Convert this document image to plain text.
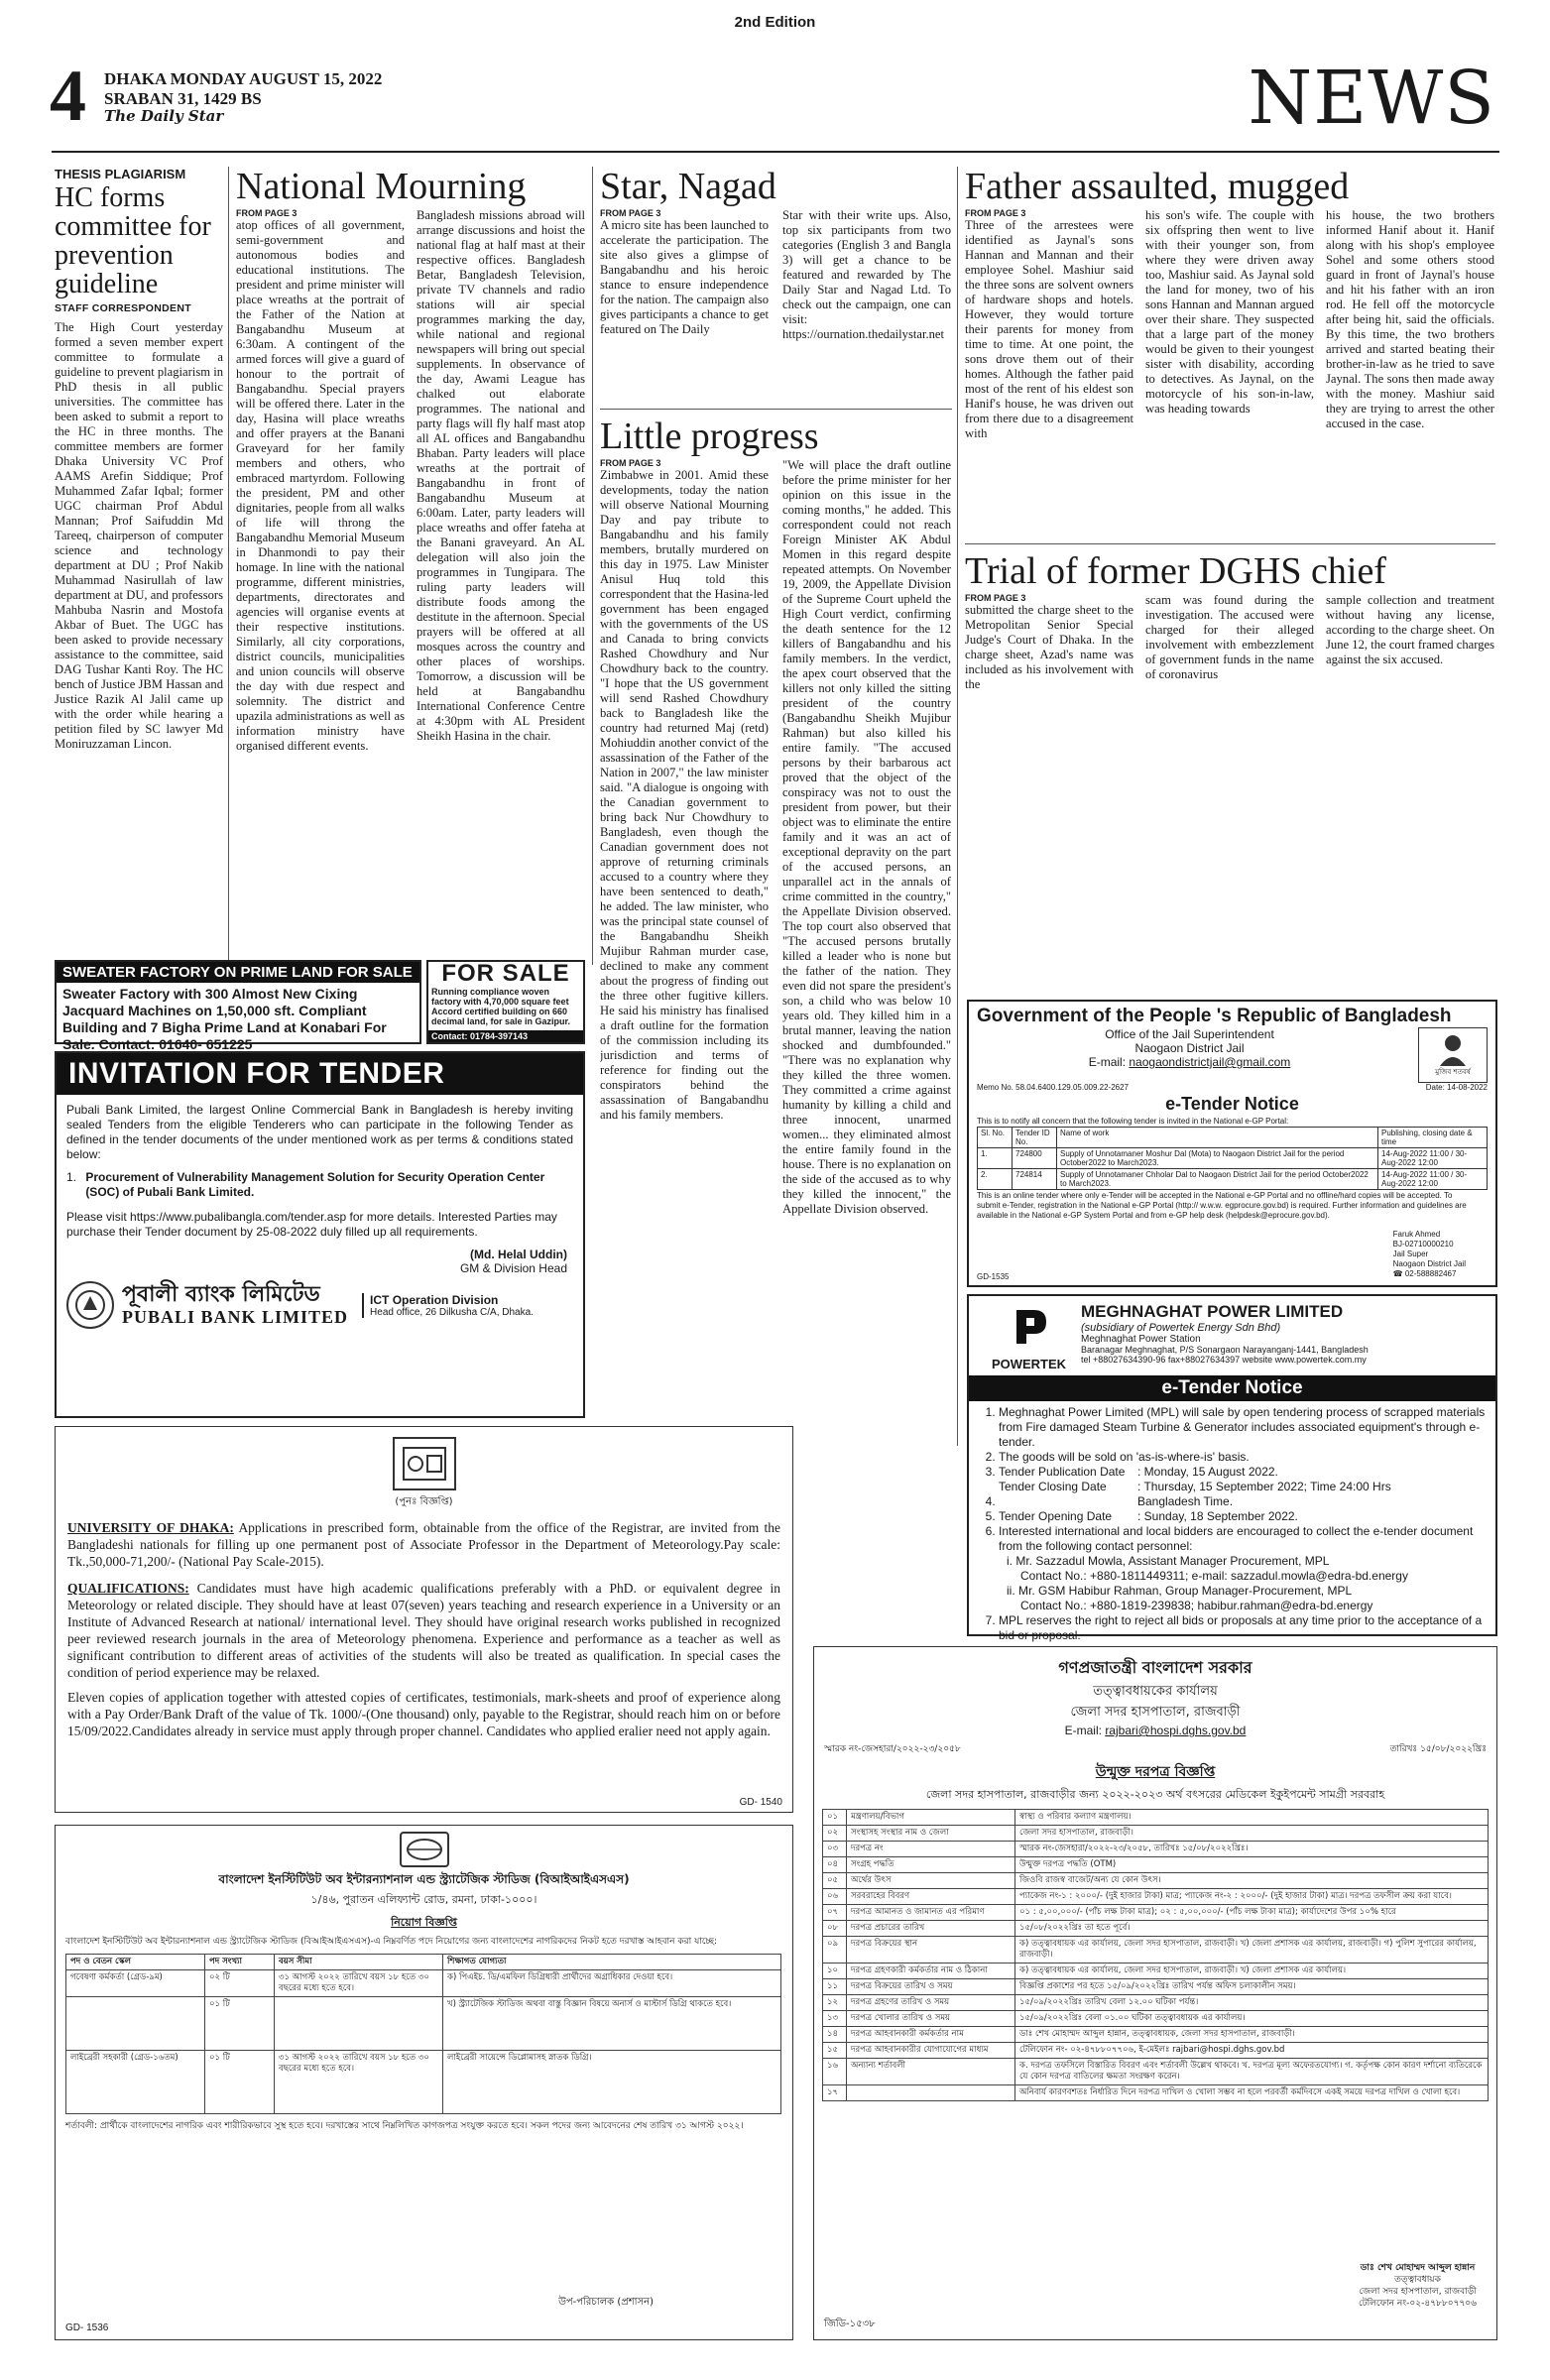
2nd Edition
4 DHAKA MONDAY AUGUST 15, 2022
SRABAN 31, 1429 BS
The Daily Star	NEWS
THESIS PLAGIARISM
HC forms committee for prevention guideline
STAFF CORRESPONDENT
The High Court yesterday formed a seven member expert committee to formulate a guideline to prevent plagiarism in PhD thesis in all public universities. The committee has been asked to submit a report to the HC in three months. The committee members are former Dhaka University VC Prof AAMS Arefin Siddique; Prof Muhammed Zafar Iqbal; former UGC chairman Prof Abdul Mannan; Prof Saifuddin Md Tareeq, chairperson of computer science and technology department at DU ; Prof Nakib Muhammad Nasirullah of law department at DU, and professors Mahbuba Nasrin and Mostofa Akbar of Buet. The UGC has been asked to provide necessary assistance to the committee, said DAG Tushar Kanti Roy. The HC bench of Justice JBM Hassan and Justice Razik Al Jalil came up with the order while hearing a petition filed by SC lawyer Md Moniruzzaman Lincon.
National Mourning
FROM PAGE 3
atop offices of all government, semi-government and autonomous bodies and educational institutions. The president and prime minister will place wreaths at the portrait of the Father of the Nation at Bangabandhu Museum at 6:30am. A contingent of the armed forces will give a guard of honour to the portrait of Bangabandhu. Special prayers will be offered there. Later in the day, Hasina will place wreaths and offer prayers at the Banani Graveyard for her family members and others, who embraced martyrdom. Following the president, PM and other dignitaries, people from all walks of life will throng the Bangabandhu Memorial Museum in Dhanmondi to pay their homage. In line with the national programme, different ministries, departments, directorates and agencies will organise events at their respective institutions. Similarly, all city corporations, district councils, municipalities and union councils will observe the day with due respect and solemnity. The district and upazila administrations as well as information ministry have organised different events.
Bangladesh missions abroad will arrange discussions and hoist the national flag at half mast at their respective offices. Bangladesh Betar, Bangladesh Television, private TV channels and radio stations will air special programmes marking the day, while national and regional newspapers will bring out special supplements. In observance of the day, Awami League has chalked out elaborate programmes. The national and party flags will fly half mast atop all AL offices and Bangabandhu Bhaban. Party leaders will place wreaths at the portrait of Bangabandhu in front of Bangabandhu Museum at 6:00am. Later, party leaders will place wreaths and offer fateha at the Banani graveyard. An AL delegation will also join the programmes in Tungipara. The ruling party leaders will distribute foods among the destitute in the afternoon. Special prayers will be offered at all mosques across the country and other places of worships. Tomorrow, a discussion will be held at Bangabandhu International Conference Centre at 4:30pm with AL President Sheikh Hasina in the chair.
Star, Nagad
FROM PAGE 3
A micro site has been launched to accelerate the participation. The site also gives a glimpse of Bangabandhu and his heroic stance to ensure independence for the nation. The campaign also gives participants a chance to get featured on The Daily
Star with their write ups. Also, top six participants from two categories (English 3 and Bangla 3) will get a chance to be featured and rewarded by The Daily Star and Nagad Ltd. To check out the campaign, one can visit: https://ournation.thedailystar.net
Little progress
FROM PAGE 3
Zimbabwe in 2001. Amid these developments, today the nation will observe National Mourning Day and pay tribute to Bangabandhu and his family members, brutally murdered on this day in 1975. Law Minister Anisul Huq told this correspondent that the Hasina-led government has been engaged with the governments of the US and Canada to bring convicts Rashed Chowdhury and Nur Chowdhury back to the country. "I hope that the US government will send Rashed Chowdhury back to Bangladesh like the country had returned Maj (retd) Mohiuddin another convict of the assassination of the Father of the Nation in 2007," the law minister said. "A dialogue is ongoing with the Canadian government to bring back Nur Chowdhury to Bangladesh, even though the Canadian government does not approve of returning criminals accused to a country where they have been sentenced to death," he added. The law minister, who was the principal state counsel of the Bangabandhu Sheikh Mujibur Rahman murder case, declined to make any comment about the progress of finding out the three other fugitive killers. He said his ministry has finalised a draft outline for the formation of the commission including its jurisdiction and terms of reference for finding out the conspirators behind the assassination of Bangabandhu and his family members.
"We will place the draft outline before the prime minister for her opinion on this issue in the coming months," he added. This correspondent could not reach Foreign Minister AK Abdul Momen in this regard despite repeated attempts. On November 19, 2009, the Appellate Division of the Supreme Court upheld the High Court verdict, confirming the death sentence for the 12 killers of Bangabandhu and his family members. In the verdict, the apex court observed that the killers not only killed the sitting president of the country (Bangabandhu Sheikh Mujibur Rahman) but also killed his entire family. "The accused persons by their barbarous act proved that the object of the conspiracy was not to oust the president from power, but their object was to eliminate the entire family and it was an act of exceptional depravity on the part of the accused persons, an unparallel act in the annals of crime committed in the country," the Appellate Division observed. The top court also observed that "The accused persons brutally killed a leader who is none but the father of the nation. They even did not spare the president's son, a child who was below 10 years old. They killed him in a brutal manner, leaving the nation shocked and dumbfounded." "There was no explanation why they killed the three women. They committed a crime against humanity by killing a child and three innocent, unarmed women... they eliminated almost the entire family found in the house. There is no explanation on the side of the accused as to why they killed the innocent," the Appellate Division observed.
Father assaulted, mugged
FROM PAGE 3
Three of the arrestees were identified as Jaynal's sons Hannan and Mannan and their employee Sohel. Mashiur said the three sons are solvent owners of hardware shops and hotels. However, they would torture their parents for money from time to time. At one point, the sons drove them out of their homes. Although the father paid most of the rent of his eldest son Hanif's house, he was driven out from there due to a disagreement with
his son's wife. The couple with six offspring then went to live with their younger son, from where they were driven away too, Mashiur said. As Jaynal sold the land for money, two of his sons Hannan and Mannan argued over their share. They suspected that a large part of the money would be given to their youngest sister with disability, according to detectives. As Jaynal, on the motorcycle of his son-in-law, was heading towards
his house, the two brothers informed Hanif about it. Hanif along with his shop's employee Sohel and some others stood guard in front of Jaynal's house and hit his father with an iron rod. He fell off the motorcycle after being hit, said the officials. By this time, the two brothers arrived and started beating their brother-in-law as he tried to save Jaynal. The sons then made away with the money. Mashiur said they are trying to arrest the other accused in the case.
Trial of former DGHS chief
FROM PAGE 3
submitted the charge sheet to the Metropolitan Senior Special Judge's Court of Dhaka. In the charge sheet, Azad's name was included as his involvement with the
scam was found during the investigation. The accused were charged for their alleged involvement with embezzlement of government funds in the name of coronavirus
sample collection and treatment without having any license, according to the charge sheet. On June 12, the court framed charges against the six accused.
SWEATER FACTORY ON PRIME LAND FOR SALE
Sweater Factory with 300 Almost New Cixing Jacquard Machines on 1,50,000 sft. Compliant Building and 7 Bigha Prime Land at Konabari For Sale. Contact: 01640- 651225
FOR SALE
Running compliance woven factory with 4,70,000 square feet Accord certified building on 660 decimal land, for sale in Gazipur.
Contact: 01784-397143
INVITATION FOR TENDER
Pubali Bank Limited, the largest Online Commercial Bank in Bangladesh is hereby inviting sealed Tenders from the eligible Tenderers who can participate in the following Tender as defined in the tender documents of the under mentioned work as per terms & conditions stated below:
1. Procurement of Vulnerability Management Solution for Security Operation Center (SOC) of Pubali Bank Limited.
Please visit https://www.pubalibangla.com/tender.asp for more details. Interested Parties may purchase their Tender document by 25-08-2022 duly filled up all requirements.
(Md. Helal Uddin)
GM & Division Head
পূবালী ব্যাংক লিমিটেড
PUBALI BANK LIMITED
ICT Operation Division
Head office, 26 Dilkusha C/A, Dhaka.
(পুনঃ বিজ্ঞপ্তি)

UNIVERSITY OF DHAKA: Applications in prescribed form, obtainable from the office of the Registrar, are invited from the Bangladeshi nationals for filling up one permanent post of Associate Professor in the Department of Meteorology.Pay scale: Tk.,50,000-71,200/- (National Pay Scale-2015).

QUALIFICATIONS: Candidates must have high academic qualifications preferably with a PhD. or equivalent degree in Meteorology or related disciple. They should have at least 07(seven) years teaching and research experience in a University or an Institute of Advanced Research at national/ international level. They should have original research works published in recognized peer reviewed research journals in the area of Meteorology phenomena. Experience and performance as a teacher as well as significant contribution to different areas of activities of the students will also be treated as qualification. In special cases the condition of period experience may be relaxed.

Eleven copies of application together with attested copies of certificates, testimonials, mark-sheets and proof of experience along with a Pay Order/Bank Draft of the value of Tk. 1000/-(One thousand) only, payable to the Registrar, should reach him on or before 15/09/2022.Candidates already in service must apply through proper channel. Candidates who applied eralier need not apply again.

GD- 1540
বাংলাদেশ ইনস্টিটিউট অব ইন্টারন্যাশনাল এন্ড স্ট্র্যাটেজিক স্টাডিজ (বিআইআইএসএস)
১/৪৬, পুরাতন এলিফ্যান্ট রোড, রমনা, ঢাকা-১০০০।
নিয়োগ বিজ্ঞপ্তি
বাংলাদেশ ইনস্টিটিউট অব ইন্টারন্যাশনাল এন্ড স্ট্র্যাটেজিক স্টাডিজ (বিআইআইএসএস)-এ নিম্নবর্ণিত পদে নিয়োগের জন্য বাংলাদেশের নাগরিকদের নিকট হতে দরখাস্ত আহবান করা যাচ্ছে:
পদ ও বেতন স্কেল	পদ সংখ্যা	বয়স সীমা	শিক্ষাগত যোগ্যতা
গবেষণা কর্মকর্তা (গ্রেড-৯ম)	০২ টি	৩১ আগস্ট ২০২২ তারিখে বয়স ১৮ হতে ৩০ বছরের মধ্যে হতে হবে।	ক) পিএইচ. ডি/এমফিল ডিগ্রিধারী প্রার্থীদের অগ্রাধিকার দেওয়া হবে।
	০১ টি		খ) স্ট্র্যাটেজিক স্টাডিজ অথবা বাস্তু বিজ্ঞান বিষয়ে অনার্স ও মাস্টার্স ডিগ্রি থাকতে হবে।
লাইব্রেরী সহকারী (গ্রেড-১৬তম)	০১ টি	৩১ আগস্ট ২০২২ তারিখে বয়স ১৮ হতে ৩০ বছরের মধ্যে হতে হবে।	লাইব্রেরী সায়েন্সে ডিপ্লোমাসহ স্নাতক ডিগ্রি।
শর্তাবলী: প্রার্থীকে বাংলাদেশের নাগরিক এবং শারীরিকভাবে সুস্থ হতে হবে। দরখাস্তের সাথে নিম্নলিখিত কাগজপত্র সংযুক্ত করতে হবে। সকল পদের জন্য আবেদনের শেষ তারিখ ৩১ আগস্ট ২০২২।
উপ-পরিচালক (প্রশাসন)
GD- 1536
Government of the People 's Republic of Bangladesh
Office of the Jail Superintendent
Naogaon District Jail
E-mail: naogaondistrictjail@gmail.com
মুজিব শতবর্ষ
Memo No. 58.04.6400.129.05.009.22-2627	Date: 14-08-2022
e-Tender Notice
This is to notify all concern that the following tender is invited in the National e-GP Portal:
Sl. No.	Tender ID No.	Name of work	Publishing, closing date & time
1.	724800	Supply of Unnotamaner Moshur Dal (Mota) to Naogaon District Jail for the period October2022 to March2023.	14-Aug-2022 11:00 / 30-Aug-2022 12:00
2.	724814	Supply of Unnotamaner Chholar Dal to Naogaon District Jail for the period October2022 to March2023.	14-Aug-2022 11:00 / 30-Aug-2022 12:00
This is an online tender where only e-Tender will be accepted in the National e-GP Portal and no offline/hard copies will be accepted. To submit e-Tender, registration in the National e-GP Portal (http:// w.w.w. egprocure.gov.bd) is required. Further information and guidelines are available in the National e-GP System Portal and from e-GP help desk (helpdesk@eprocure.gov.bd).
Faruk Ahmed
BJ-02710000210
Jail Super
Naogaon District Jail
☎ 02-588882467
GD-1535
POWERTEK
MEGHNAGHAT POWER LIMITED
(subsidiary of Powertek Energy Sdn Bhd)
Meghnaghat Power Station
Baranagar Meghnaghat, P/S Sonargaon Narayanganj-1441, Bangladesh
tel +88027634390-96 fax+88027634397 website www.powertek.com.my
e-Tender Notice
1. Meghnaghat Power Limited (MPL) will sale by open tendering process of scrapped materials from Fire damaged Steam Turbine & Generator includes associated equipment's through e-tender.
2. The goods will be sold on 'as-is-where-is' basis.
3. Tender Publication Date : Monday, 15 August 2022.
4. Tender Closing Date	: Thursday, 15 September 2022; Time 24:00 Hrs Bangladesh Time.
5. Tender Opening Date : Sunday, 18 September 2022.
6. Interested international and local bidders are encouraged to collect the e-tender document from the following contact personnel:
i. Mr. Sazzadul Mowla, Assistant Manager Procurement, MPL
Contact No.: +880-1811449311; e-mail: sazzadul.mowla@edra-bd.energy
ii. Mr. GSM Habibur Rahman, Group Manager-Procurement, MPL
Contact No.: +880-1819-239838; habibur.rahman@edra-bd.energy
7. MPL reserves the right to reject all bids or proposals at any time prior to the acceptance of a bid or proposal.
গণপ্রজাতন্ত্রী বাংলাদেশ সরকার
তত্ত্বাবধায়কের কার্যালয়
জেলা সদর হাসপাতাল, রাজবাড়ী
E-mail: rajbari@hospi.dghs.gov.bd
স্মারক নং-জেসহারা/২০২২-২৩/২০৫৮	তারিখঃ ১৫/০৮/২০২২খ্রিঃ
উন্মুক্ত দরপত্র বিজ্ঞপ্তি
জেলা সদর হাসপাতাল, রাজবাড়ীর জন্য ২০২২-২০২৩ অর্থ বৎসরের মেডিকেল ইকুইপমেন্ট সামগ্রী সরবরাহ
০১	মন্ত্রণালয়/বিভাগ	স্বাস্থ্য ও পরিবার কল্যাণ মন্ত্রণালয়।
০২	সংস্থাসহ সংস্থার নাম ও জেলা	জেলা সদর হাসপাতাল, রাজবাড়ী।
০৩	দরপত্র নং	স্মারক নং-জেসহারা/২০২২-২৩/২০৫৮, তারিখঃ ১৫/০৮/২০২২খ্রিঃ।
০৪	সংগ্রহ পদ্ধতি	উন্মুক্ত দরপত্র পদ্ধতি (OTM)
০৫	অর্থের উৎস	জিওবি রাজস্ব বাজেট/অন্য যে কোন উৎস।
০৬	সরবরাহের বিবরণ	প্যাকেজ নং-১ : ২০০০/- (দুই হাজার টাকা) মাত্র; প্যাকেজ নং-২ : ২০০০/- (দুই হাজার টাকা) মাত্র। দরপত্র তফসীল ক্রয় করা যাবে।
০৭	দরপত্র আমানত ও জামানত এর পরিমাণ	০১ : ৫,০০,০০০/- (পাঁচ লক্ষ টাকা মাত্র); ০২ : ৫,০০,০০০/- (পাঁচ লক্ষ টাকা মাত্র); কার্যাদেশের উপর ১০% হারে
০৮	দরপত্র প্রচারের তারিখ	১৫/০৮/২০২২খ্রিঃ তা হতে পূর্বে।
০৯	দরপত্র বিক্রয়ের স্থান	ক) তত্ত্বাবধায়ক এর কার্যালয়, জেলা সদর হাসপাতাল, রাজবাড়ী। খ) জেলা প্রশাসক এর কার্যালয়, রাজবাড়ী। গ) পুলিশ সুপারের কার্যালয়, রাজবাড়ী।
১০	দরপত্র গ্রহণকারী কর্মকর্তার নাম ও ঠিকানা	ক) তত্ত্বাবধায়ক এর কার্যালয়, জেলা সদর হাসপাতাল, রাজবাড়ী। খ) জেলা প্রশাসক এর কার্যালয়।
১১	দরপত্র বিক্রয়ের তারিখ ও সময়	বিজ্ঞপ্তি প্রকাশের পর হতে ১৫/০৯/২০২২খ্রিঃ তারিখ পর্যন্ত অফিস চলাকালীন সময়।
১২	দরপত্র গ্রহণের তারিখ ও সময়	১৫/০৯/২০২২খ্রিঃ তারিখ বেলা ১২.০০ ঘটিকা পর্যন্ত।
১৩	দরপত্র খোলার তারিখ ও সময়	১৫/০৯/২০২২খ্রিঃ বেলা ০১.০০ ঘটিকা তত্ত্বাবধায়ক এর কার্যালয়।
১৪	দরপত্র আহবানকারী কর্মকর্তার নাম	ডাঃ শেখ মোহাম্মদ আব্দুল হান্নান, তত্ত্বাবধায়ক, জেলা সদর হাসপাতাল, রাজবাড়ী।
১৫	দরপত্র আহবানকারীর যোগাযোগের মাধ্যম	টেলিফোন নং- ০২-৪৭৮৮০৭৭০৬, ই-মেইলঃ rajbari@hospi.dghs.gov.bd
১৬	অন্যান্য শর্তাবলী	ক. দরপত্র তফসিলে বিস্তারিত বিবরণ এবং শর্তাবলী উল্লেখ থাকবে। খ. দরপত্র মূল্য অফেরতযোগ্য। গ. কর্তৃপক্ষ কোন কারণ দর্শানো ব্যতিরেকে যে কোন দরপত্র বাতিলের ক্ষমতা সংরক্ষণ করেন।
১৭		অনিবার্য কারণবশতঃ নির্ধারিত দিনে দরপত্র দাখিল ও খোলা সম্ভব না হলে পরবর্তী কর্মদিবসে একই সময়ে দরপত্র দাখিল ও খোলা হবে।
ডাঃ শেখ মোহাম্মদ আব্দুল হান্নান
তত্ত্বাবধায়ক
জেলা সদর হাসপাতাল, রাজবাড়ী
টেলিফোন নং-০২-৪৭৮৮০৭৭০৬
জিডি-১৫৩৮
